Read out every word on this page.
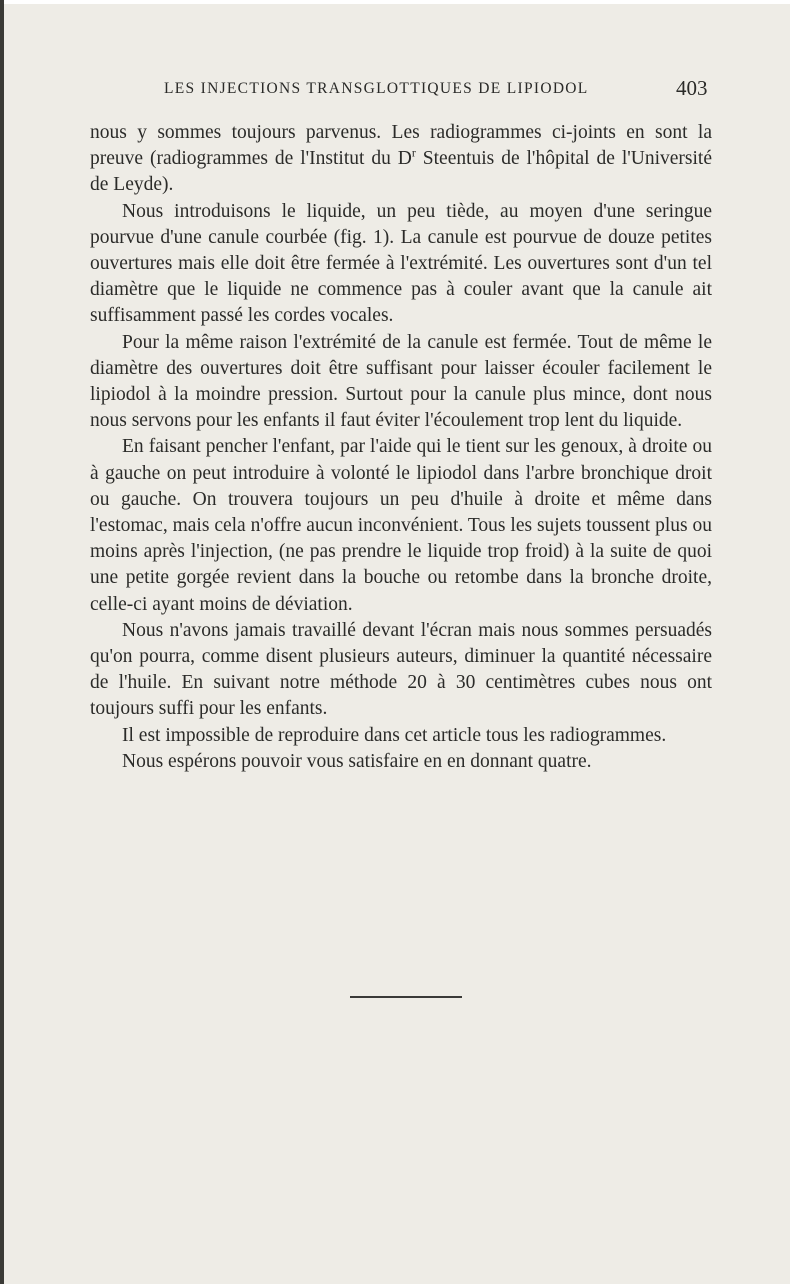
LES INJECTIONS TRANSGLOTTIQUES DE LIPIODOL	403

nous y sommes toujours parvenus. Les radiogrammes ci-joints en sont la preuve (radiogrammes de l'Institut du $D^r$ Steentuis de l'hôpital de l'Université de Leyde).

Nous introduisons le liquide, un peu tiède, au moyen d'une seringue pourvue d'une canule courbée (fig. 1). La canule est pourvue de douze petites ouvertures mais elle doit être fermée à l'extrémité. Les ouvertures sont d'un tel diamètre que le liquide ne commence pas à couler avant que la canule ait suffisamment passé les cordes vocales.

Pour la même raison l'extrémité de la canule est fermée. Tout de même le diamètre des ouvertures doit être suffisant pour laisser écouler facilement le lipiodol à la moindre pression. Surtout pour la canule plus mince, dont nous nous servons pour les enfants il faut éviter l'écoulement trop lent du liquide.

En faisant pencher l'enfant, par l'aide qui le tient sur les genoux, à droite ou à gauche on peut introduire à volonté le lipiodol dans l'arbre bronchique droit ou gauche. On trouvera toujours un peu d'huile à droite et même dans l'estomac, mais cela n'offre aucun inconvénient. Tous les sujets toussent plus ou moins après l'injection, (ne pas prendre le liquide trop froid) à la suite de quoi une petite gorgée revient dans la bouche ou retombe dans la bronche droite, celle-ci ayant moins de déviation.

Nous n'avons jamais travaillé devant l'écran mais nous sommes persuadés qu'on pourra, comme disent plusieurs auteurs, diminuer la quantité nécessaire de l'huile. En suivant notre méthode 20 à 30 centimètres cubes nous ont toujours suffi pour les enfants.

Il est impossible de reproduire dans cet article tous les radiogrammes.

Nous espérons pouvoir vous satisfaire en en donnant quatre.
